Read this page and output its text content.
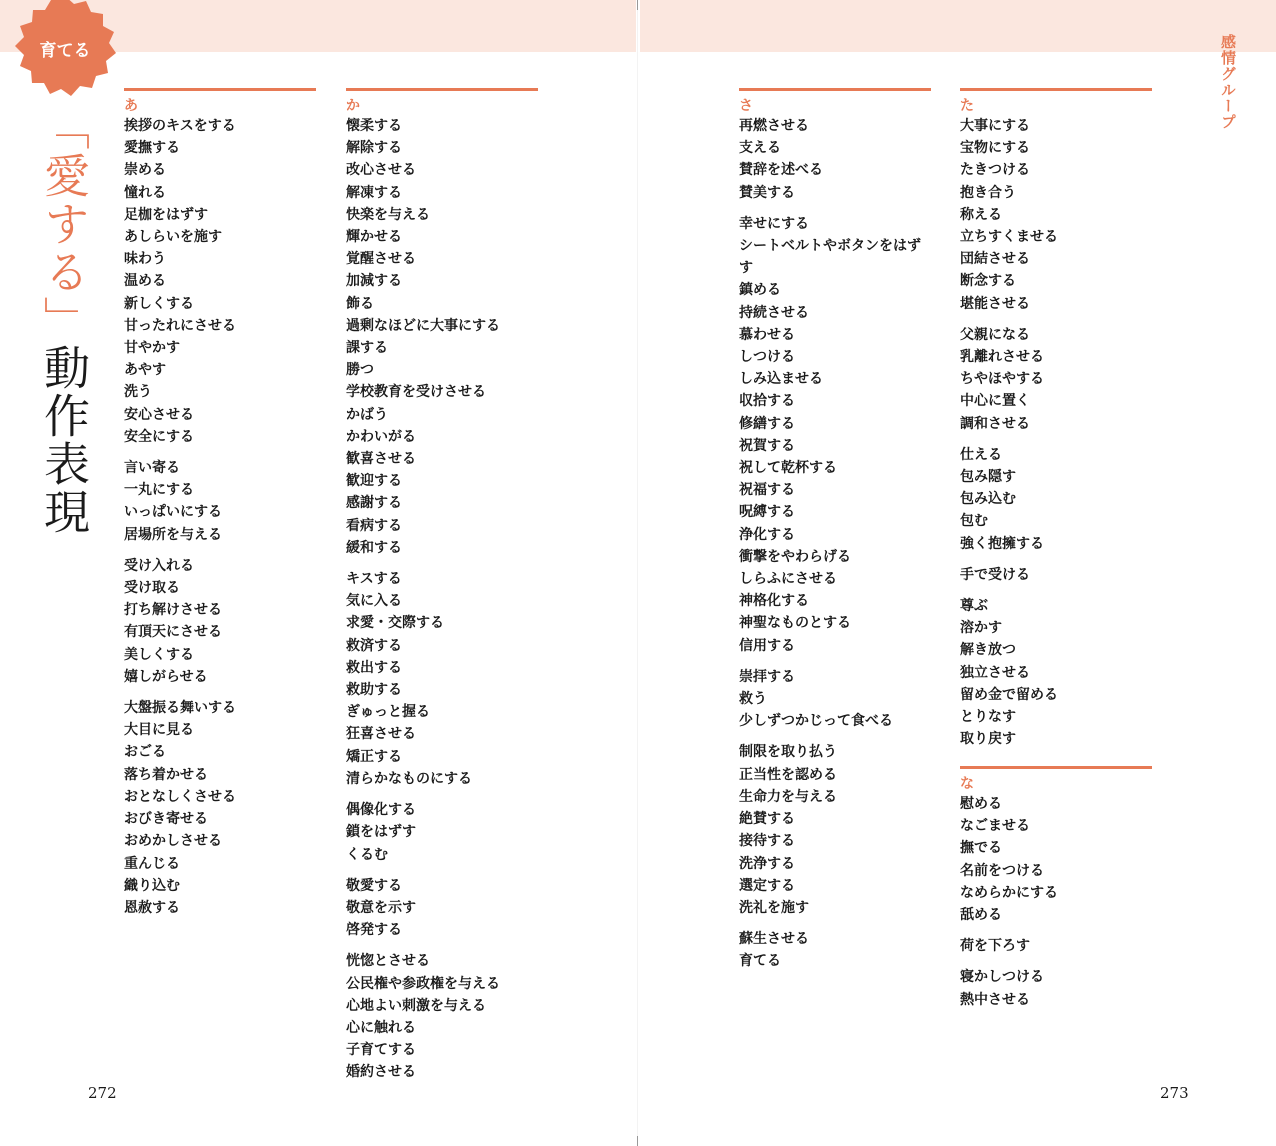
育てる
「愛する」動作表現
感情グループ
あ
挨拶のキスをする
愛撫する
崇める
憧れる
足枷をはずす
あしらいを施す
味わう
温める
新しくする
甘ったれにさせる
甘やかす
あやす
洗う
安心させる
安全にする
言い寄る
一丸にする
いっぱいにする
居場所を与える
受け入れる
受け取る
打ち解けさせる
有頂天にさせる
美しくする
嬉しがらせる
大盤振る舞いする
大目に見る
おごる
落ち着かせる
おとなしくさせる
おびき寄せる
おめかしさせる
重んじる
織り込む
恩赦する
か
懐柔する
解除する
改心させる
解凍する
快楽を与える
輝かせる
覚醒させる
加減する
飾る
過剰なほどに大事にする
課する
勝つ
学校教育を受けさせる
かばう
かわいがる
歓喜させる
歓迎する
感謝する
看病する
緩和する
キスする
気に入る
求愛・交際する
救済する
救出する
救助する
ぎゅっと握る
狂喜させる
矯正する
清らかなものにする
偶像化する
鎖をはずす
くるむ
敬愛する
敬意を示す
啓発する
恍惚とさせる
公民権や参政権を与える
心地よい刺激を与える
心に触れる
子育てする
婚約させる
さ
再燃させる
支える
賛辞を述べる
賛美する
幸せにする
シートベルトやボタンをはずす
鎮める
持続させる
慕わせる
しつける
しみ込ませる
収拾する
修繕する
祝賀する
祝して乾杯する
祝福する
呪縛する
浄化する
衝撃をやわらげる
しらふにさせる
神格化する
神聖なものとする
信用する
崇拝する
救う
少しずつかじって食べる
制限を取り払う
正当性を認める
生命力を与える
絶賛する
接待する
洗浄する
選定する
洗礼を施す
蘇生させる
育てる
た
大事にする
宝物にする
たきつける
抱き合う
称える
立ちすくませる
団結させる
断念する
堪能させる
父親になる
乳離れさせる
ちやほやする
中心に置く
調和させる
仕える
包み隠す
包み込む
包む
強く抱擁する
手で受ける
尊ぶ
溶かす
解き放つ
独立させる
留め金で留める
とりなす
取り戻す
な
慰める
なごませる
撫でる
名前をつける
なめらかにする
舐める
荷を下ろす
寝かしつける
熱中させる
272	273
